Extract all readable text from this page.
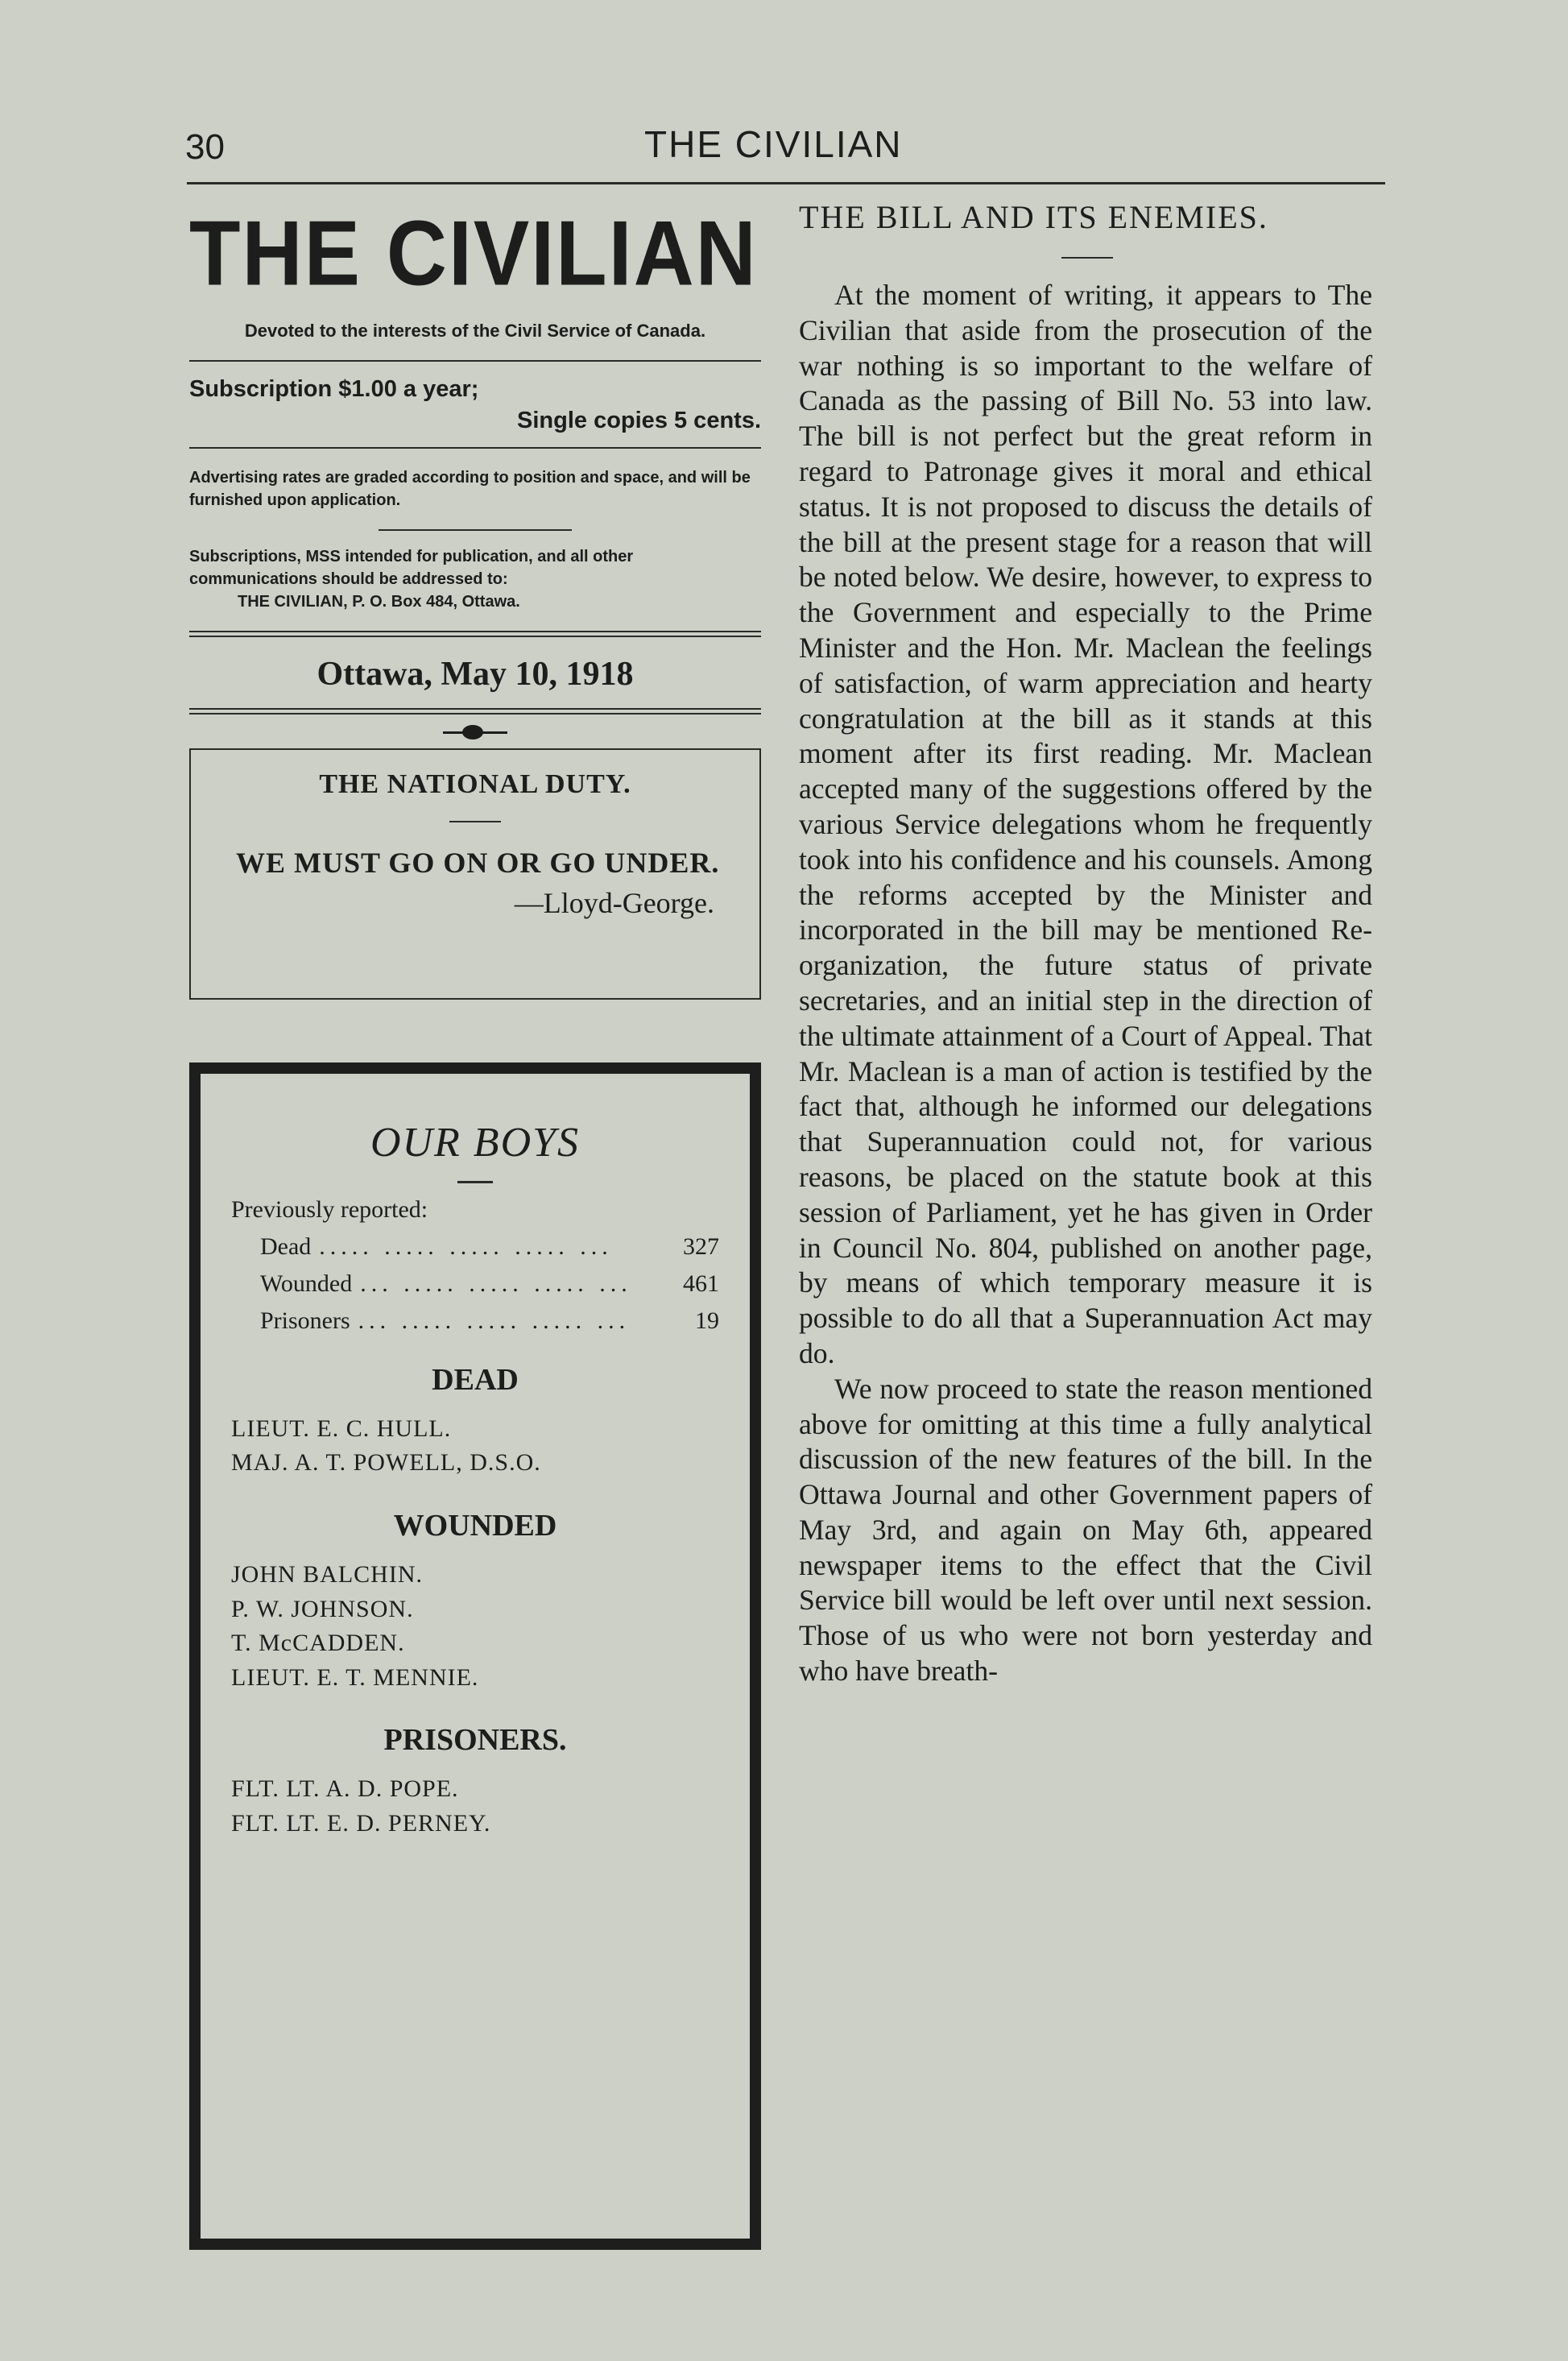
30	THE CIVILIAN
THE CIVILIAN
Devoted to the interests of the Civil Service of Canada.
Subscription $1.00 a year;
Single copies 5 cents.
Advertising rates are graded according to position and space, and will be furnished upon application.
Subscriptions, MSS intended for publication, and all other communications should be addressed to:
THE CIVILIAN, P. O. Box 484, Ottawa.
Ottawa, May 10, 1918
THE NATIONAL DUTY.
WE MUST GO ON OR GO UNDER.
—Lloyd-George.
OUR BOYS
Previously reported:
Dead ..... ..... ..... ..... ...	327
Wounded ... ..... ..... ..... ...	461
Prisoners ... ..... ..... ..... ...	19
DEAD
LIEUT. E. C. HULL.
MAJ. A. T. POWELL, D.S.O.
WOUNDED
JOHN BALCHIN.
P. W. JOHNSON.
T. McCADDEN.
LIEUT. E. T. MENNIE.
PRISONERS.
FLT. LT. A. D. POPE.
FLT. LT. E. D. PERNEY.
THE BILL AND ITS ENEMIES.

At the moment of writing, it appears to The Civilian that aside from the prosecution of the war nothing is so important to the welfare of Canada as the passing of Bill No. 53 into law. The bill is not perfect but the great reform in regard to Patronage gives it moral and ethical status. It is not proposed to discuss the details of the bill at the present stage for a reason that will be noted below. We desire, however, to express to the Government and especially to the Prime Minister and the Hon. Mr. Maclean the feelings of satisfaction, of warm appreciation and hearty congratulation at the bill as it stands at this moment after its first reading. Mr. Maclean accepted many of the suggestions offered by the various Service delegations whom he frequently took into his confidence and his counsels. Among the reforms accepted by the Minister and incorporated in the bill may be mentioned Re-organization, the future status of private secretaries, and an initial step in the direction of the ultimate attainment of a Court of Appeal. That Mr. Maclean is a man of action is testified by the fact that, although he informed our delegations that Superannuation could not, for various reasons, be placed on the statute book at this session of Parliament, yet he has given in Order in Council No. 804, published on another page, by means of which temporary measure it is possible to do all that a Superannuation Act may do.

We now proceed to state the reason mentioned above for omitting at this time a fully analytical discussion of the new features of the bill. In the Ottawa Journal and other Government papers of May 3rd, and again on May 6th, appeared newspaper items to the effect that the Civil Service bill would be left over until next session. Those of us who were not born yesterday and who have breath-
